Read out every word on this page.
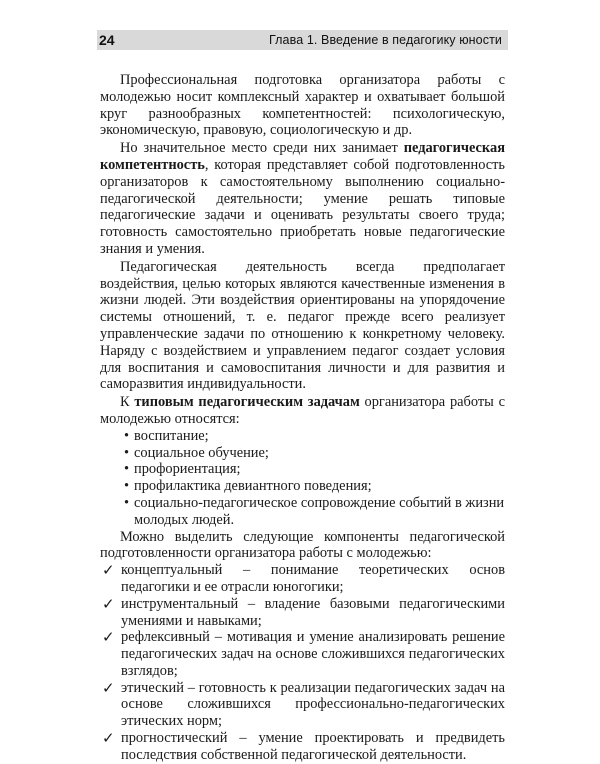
24	Глава 1. Введение в педагогику юности

Профессиональная подготовка организатора работы с молодежью носит комплексный характер и охватывает большой круг разнообразных компетентностей: психологическую, экономическую, правовую, социологическую и др.

Но значительное место среди них занимает педагогическая компетентность, которая представляет собой подготовленность организаторов к самостоятельному выполнению социально-педагогической деятельности; умение решать типовые педагогические задачи и оценивать результаты своего труда; готовность самостоятельно приобретать новые педагогические знания и умения.

Педагогическая деятельность всегда предполагает воздействия, целью которых являются качественные изменения в жизни людей. Эти воздействия ориентированы на упорядочение системы отношений, т. е. педагог прежде всего реализует управленческие задачи по отношению к конкретному человеку. Наряду с воздействием и управлением педагог создает условия для воспитания и самовоспитания личности и для развития и саморазвития индивидуальности.

К типовым педагогическим задачам организатора работы с молодежью относятся:

• воспитание;
• социальное обучение;
• профориентация;
• профилактика девиантного поведения;
• социально-педагогическое сопровождение событий в жизни молодых людей.

Можно выделить следующие компоненты педагогической подготовленности организатора работы с молодежью:

✓ концептуальный – понимание теоретических основ педагогики и ее отрасли юногогики;
✓ инструментальный – владение базовыми педагогическими умениями и навыками;
✓ рефлексивный – мотивация и умение анализировать решение педагогических задач на основе сложившихся педагогических взглядов;
✓ этический – готовность к реализации педагогических задач на основе сложившихся профессионально-педагогических этических норм;
✓ прогностический – умение проектировать и предвидеть последствия собственной педагогической деятельности.
